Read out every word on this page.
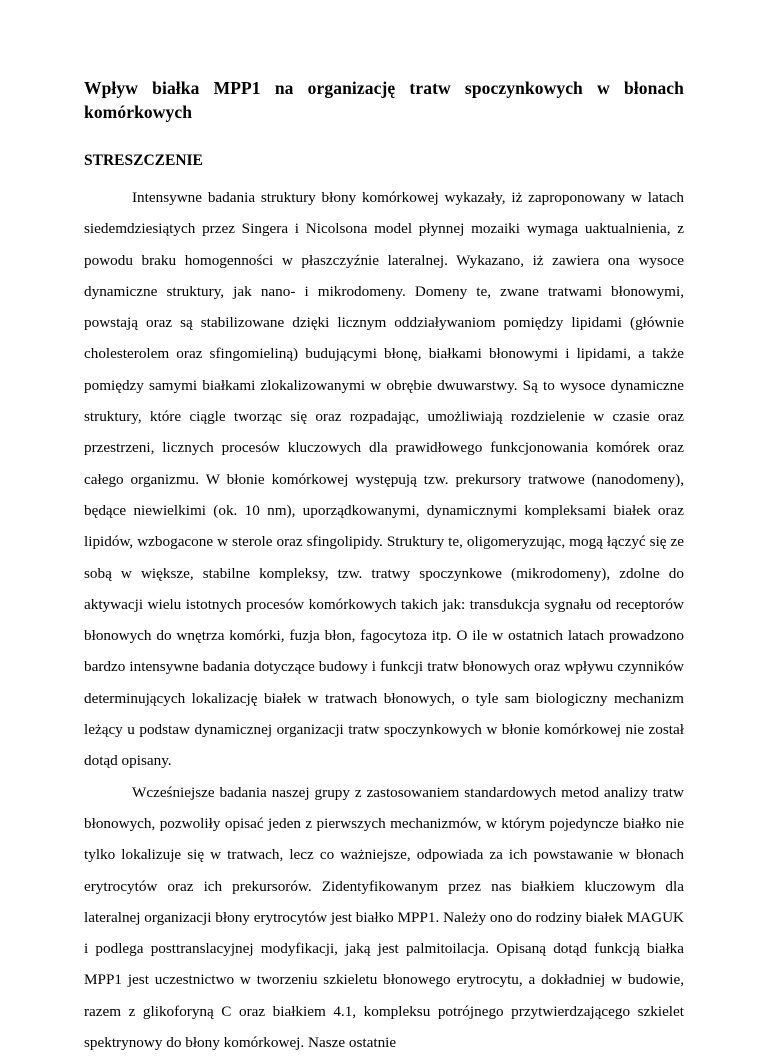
Wpływ białka MPP1 na organizację tratw spoczynkowych w błonach komórkowych
STRESZCZENIE

Intensywne badania struktury błony komórkowej wykazały, iż zaproponowany w latach siedemdziesiątych przez Singera i Nicolsona model płynnej mozaiki wymaga uaktualnienia, z powodu braku homogenności w płaszczyźnie lateralnej. Wykazano, iż zawiera ona wysoce dynamiczne struktury, jak nano- i mikrodomeny. Domeny te, zwane tratwami błonowymi, powstają oraz są stabilizowane dzięki licznym oddziaływaniom pomiędzy lipidami (głównie cholesterolem oraz sfingomieliną) budującymi błonę, białkami błonowymi i lipidami, a także pomiędzy samymi białkami zlokalizowanymi w obrębie dwuwarstwy. Są to wysoce dynamiczne struktury, które ciągle tworząc się oraz rozpadając, umożliwiają rozdzielenie w czasie oraz przestrzeni, licznych procesów kluczowych dla prawidłowego funkcjonowania komórek oraz całego organizmu. W błonie komórkowej występują tzw. prekursory tratwowe (nanodomeny), będące niewielkimi (ok. 10 nm), uporządkowanymi, dynamicznymi kompleksami białek oraz lipidów, wzbogacone w sterole oraz sfingolipidy. Struktury te, oligomeryzując, mogą łączyć się ze sobą w większe, stabilne kompleksy, tzw. tratwy spoczynkowe (mikrodomeny), zdolne do aktywacji wielu istotnych procesów komórkowych takich jak: transdukcja sygnału od receptorów błonowych do wnętrza komórki, fuzja błon, fagocytoza itp. O ile w ostatnich latach prowadzono bardzo intensywne badania dotyczące budowy i funkcji tratw błonowych oraz wpływu czynników determinujących lokalizację białek w tratwach błonowych, o tyle sam biologiczny mechanizm leżący u podstaw dynamicznej organizacji tratw spoczynkowych w błonie komórkowej nie został dotąd opisany.

Wcześniejsze badania naszej grupy z zastosowaniem standardowych metod analizy tratw błonowych, pozwoliły opisać jeden z pierwszych mechanizmów, w którym pojedyncze białko nie tylko lokalizuje się w tratwach, lecz co ważniejsze, odpowiada za ich powstawanie w błonach erytrocytów oraz ich prekursorów. Zidentyfikowanym przez nas białkiem kluczowym dla lateralnej organizacji błony erytrocytów jest białko MPP1. Należy ono do rodziny białek MAGUK i podlega posttranslacyjnej modyfikacji, jaką jest palmitoilacja. Opisaną dotąd funkcją białka MPP1 jest uczestnictwo w tworzeniu szkieletu błonowego erytrocytu, a dokładniej w budowie, razem z glikoforyną C oraz białkiem 4.1, kompleksu potrójnego przytwierdzającego szkielet spektrynowy do błony komórkowej. Nasze ostatnie
